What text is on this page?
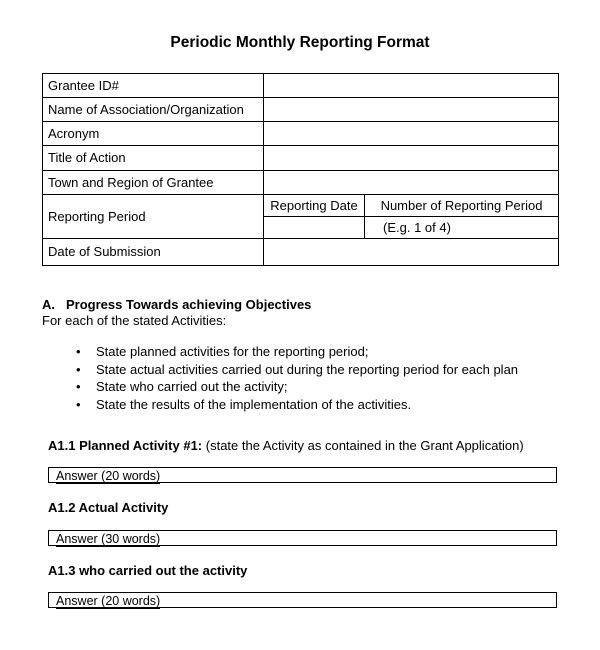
Periodic Monthly Reporting Format
Grantee ID#		
Name of Association/Organization		
Acronym		
Title of Action		
Town and Region of Grantee		
Reporting Period	Reporting Date	Number of Reporting Period
		(E.g. 1 of 4)
Date of Submission		
A. Progress Towards achieving Objectives
For each of the stated Activities:
• State planned activities for the reporting period;
• State actual activities carried out during the reporting period for each plan
• State who carried out the activity;
• State the results of the implementation of the activities.
A1.1 Planned Activity #1: (state the Activity as contained in the Grant Application)
Answer (20 words)
A1.2 Actual Activity
Answer (30 words)
A1.3 who carried out the activity
Answer (20 words)
